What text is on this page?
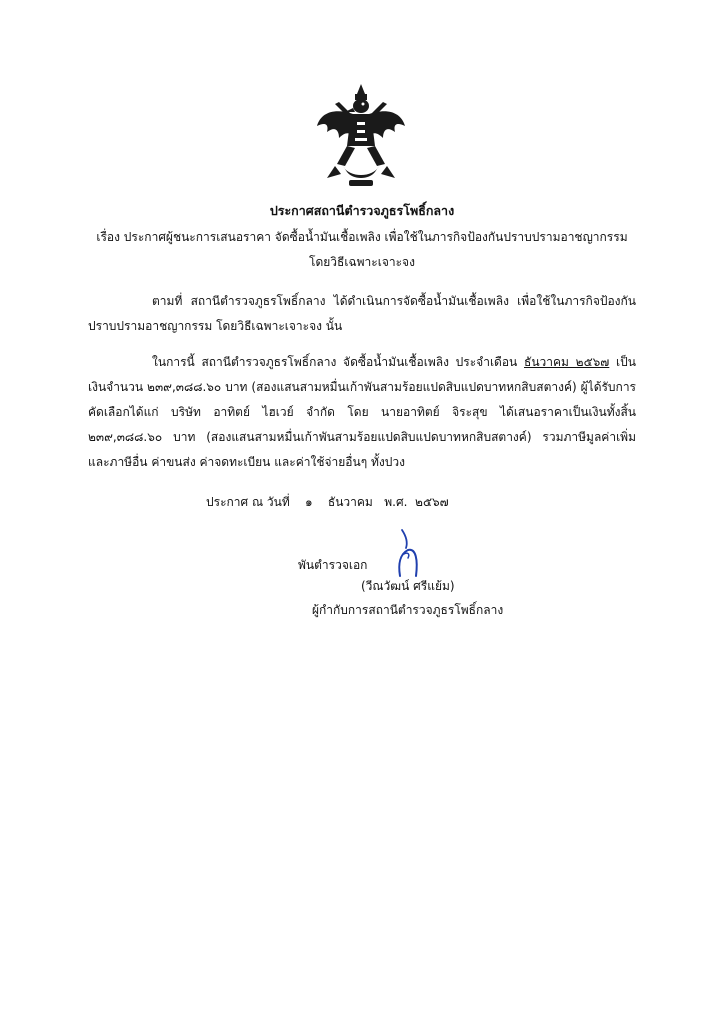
ประกาศสถานีตำรวจภูธรโพธิ์กลาง
เรื่อง ประกาศผู้ชนะการเสนอราคา จัดซื้อน้ำมันเชื้อเพลิง เพื่อใช้ในภารกิจป้องกันปราบปรามอาชญากรรม
โดยวิธีเฉพาะเจาะจง
ตามที่ สถานีตำรวจภูธรโพธิ์กลาง ได้ดำเนินการจัดซื้อน้ำมันเชื้อเพลิง เพื่อใช้ในภารกิจป้องกันปราบปรามอาชญากรรม โดยวิธีเฉพาะเจาะจง นั้น
ในการนี้ สถานีตำรวจภูธรโพธิ์กลาง จัดซื้อน้ำมันเชื้อเพลิง ประจำเดือน ธันวาคม ๒๕๖๗ เป็นเงินจำนวน ๒๓๙,๓๘๘.๖๐ บาท (สองแสนสามหมื่นเก้าพันสามร้อยแปดสิบแปดบาทหกสิบสตางค์) ผู้ได้รับการคัดเลือกได้แก่ บริษัท อาทิตย์ ไฮเวย์ จำกัด โดย นายอาทิตย์ จิระสุข ได้เสนอราคาเป็นเงินทั้งสิ้น ๒๓๙,๓๘๘.๖๐ บาท (สองแสนสามหมื่นเก้าพันสามร้อยแปดสิบแปดบาทหกสิบสตางค์) รวมภาษีมูลค่าเพิ่มและภาษีอื่น ค่าขนส่ง ค่าจดทะเบียน และค่าใช้จ่ายอื่นๆ ทั้งปวง
ประกาศ ณ วันที่    ๑    ธันวาคม   พ.ศ.  ๒๕๖๗
พันตำรวจเอก
(วีณวัฒน์ ศรีแย้ม)
ผู้กำกับการสถานีตำรวจภูธรโพธิ์กลาง
